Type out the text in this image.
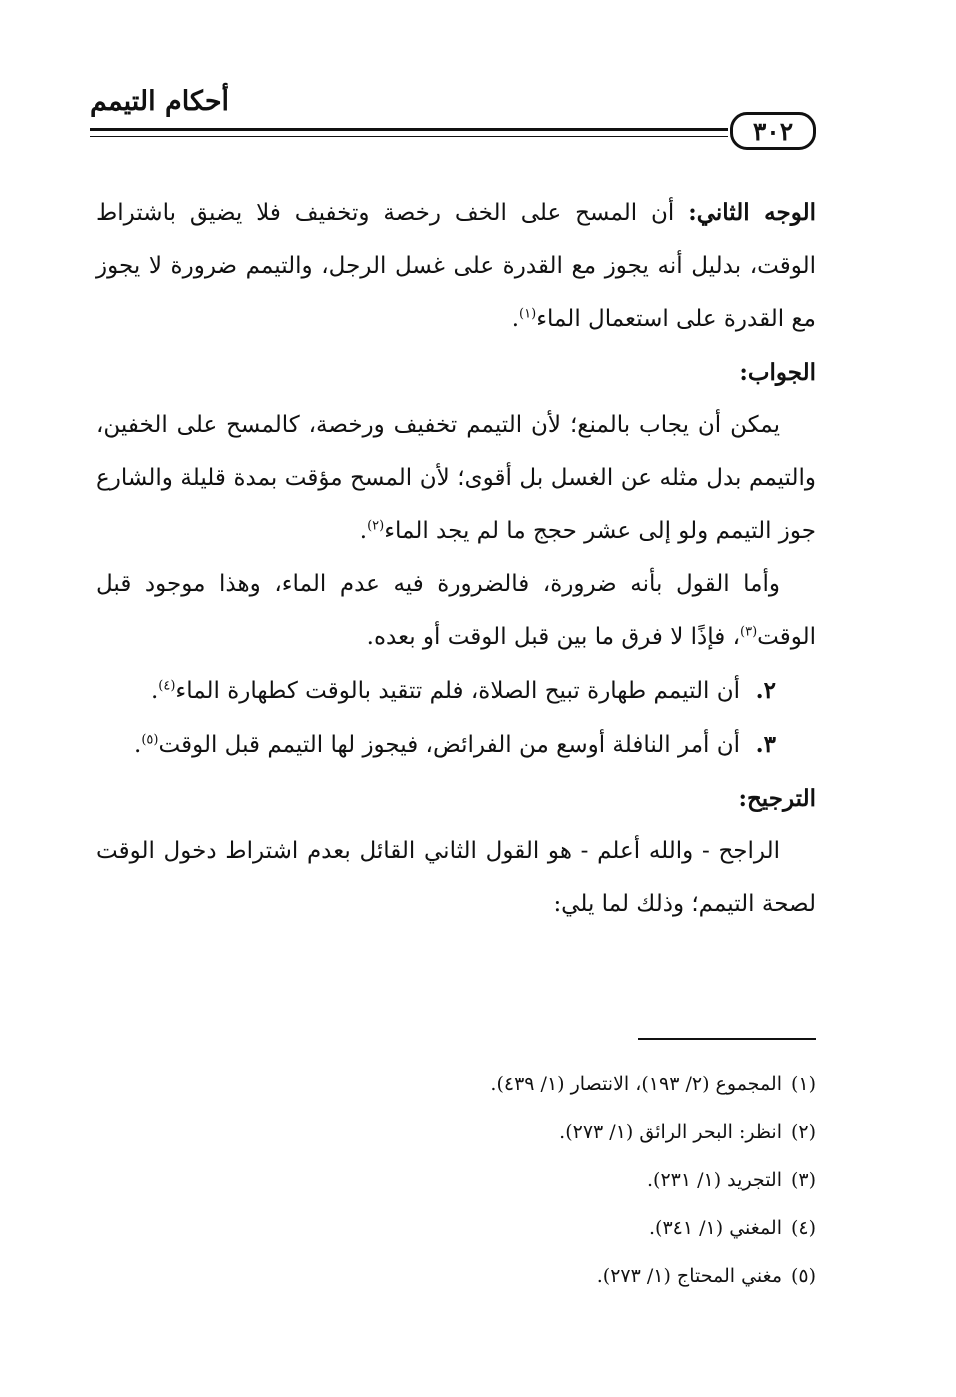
٣٠٢
أحكام التيمم

الوجه الثاني: أن المسح على الخف رخصة وتخفيف فلا يضيق باشتراط الوقت، بدليل أنه يجوز مع القدرة على غسل الرجل، والتيمم ضرورة لا يجوز مع القدرة على استعمال الماء$^{(١)}$.

الجواب:

يمكن أن يجاب بالمنع؛ لأن التيمم تخفيف ورخصة، كالمسح على الخفين، والتيمم بدل مثله عن الغسل بل أقوى؛ لأن المسح مؤقت بمدة قليلة والشارع جوز التيمم ولو إلى عشر حجج ما لم يجد الماء$^{(٢)}$.

وأما القول بأنه ضرورة، فالضرورة فيه عدم الماء، وهذا موجود قبل الوقت$^{(٣)}$، فإذًا لا فرق ما بين قبل الوقت أو بعده.

٢.أن التيمم طهارة تبيح الصلاة، فلم تتقيد بالوقت كطهارة الماء$^{(٤)}$.

٣.أن أمر النافلة أوسع من الفرائض، فيجوز لها التيمم قبل الوقت$^{(٥)}$.

الترجيح:

الراجح - والله أعلم - هو القول الثاني القائل بعدم اشتراط دخول الوقت لصحة التيمم؛ وذلك لما يلي:

(١)المجموع (٢/ ١٩٣)، الانتصار (١/ ٤٣٩).

(٢)انظر: البحر الرائق (١/ ٢٧٣).

(٣)التجريد (١/ ٢٣١).

(٤)المغني (١/ ٣٤١).

(٥)مغني المحتاج (١/ ٢٧٣).
